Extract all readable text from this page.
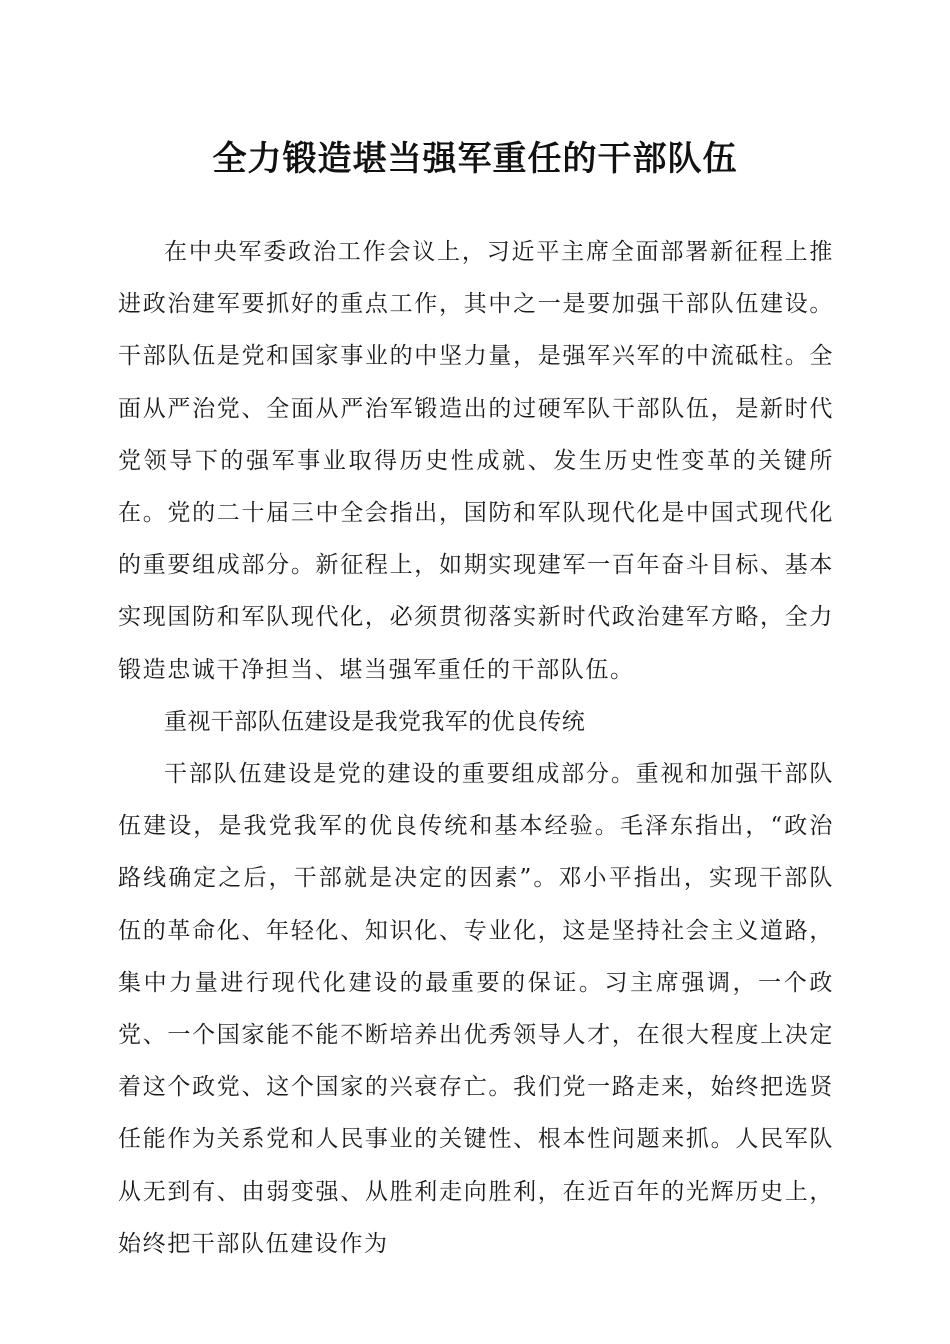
全力锻造堪当强军重任的干部队伍

在中央军委政治工作会议上，习近平主席全面部署新征程上推进政治建军要抓好的重点工作，其中之一是要加强干部队伍建设。干部队伍是党和国家事业的中坚力量，是强军兴军的中流砥柱。全面从严治党、全面从严治军锻造出的过硬军队干部队伍，是新时代党领导下的强军事业取得历史性成就、发生历史性变革的关键所在。党的二十届三中全会指出，国防和军队现代化是中国式现代化的重要组成部分。新征程上，如期实现建军一百年奋斗目标、基本实现国防和军队现代化，必须贯彻落实新时代政治建军方略，全力锻造忠诚干净担当、堪当强军重任的干部队伍。

重视干部队伍建设是我党我军的优良传统

干部队伍建设是党的建设的重要组成部分。重视和加强干部队伍建设，是我党我军的优良传统和基本经验。毛泽东指出，“政治路线确定之后，干部就是决定的因素”。邓小平指出，实现干部队伍的革命化、年轻化、知识化、专业化，这是坚持社会主义道路，集中力量进行现代化建设的最重要的保证。习主席强调，一个政党、一个国家能不能不断培养出优秀领导人才，在很大程度上决定着这个政党、这个国家的兴衰存亡。我们党一路走来，始终把选贤任能作为关系党和人民事业的关键性、根本性问题来抓。人民军队从无到有、由弱变强、从胜利走向胜利，在近百年的光辉历史上，始终把干部队伍建设作为
